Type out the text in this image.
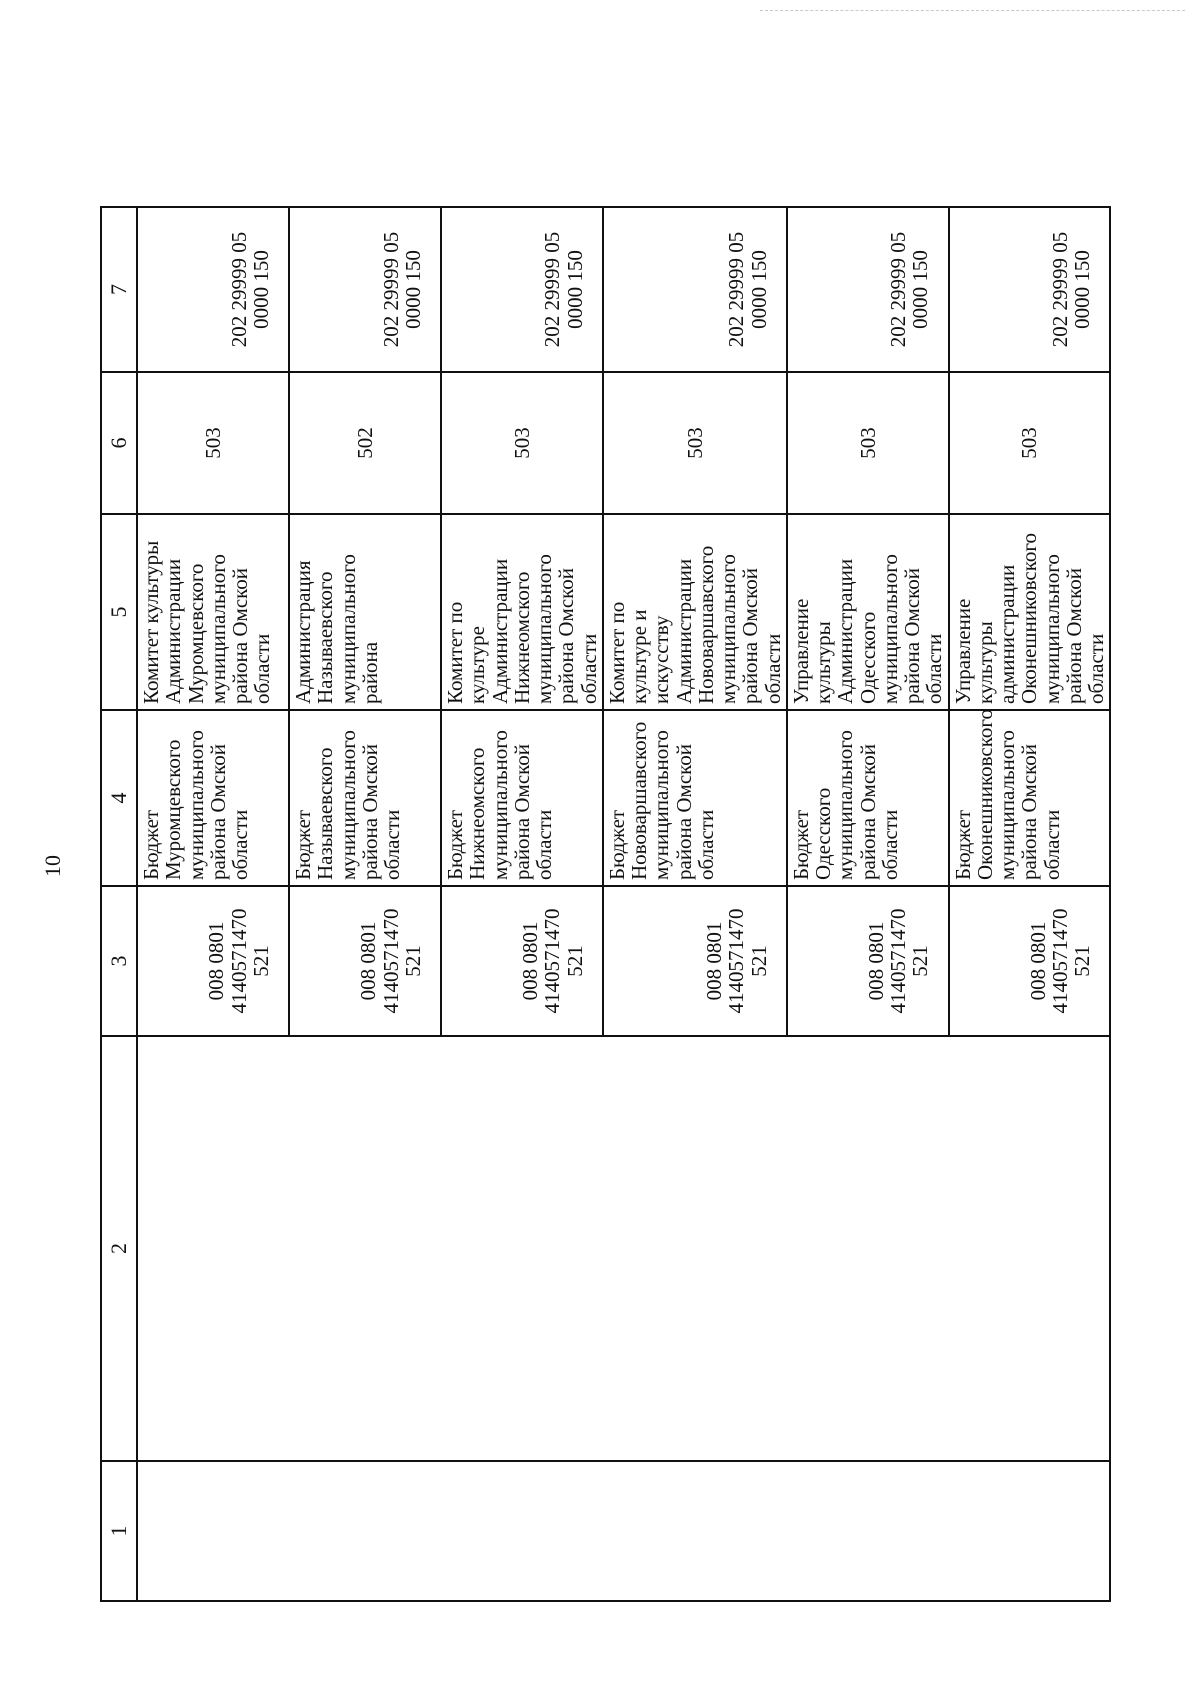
10
1	2	3	4	5	6	7
		008 0801 4140571470 521	Бюджет Муромцевского муниципального района Омской области	Комитет культуры Администрации Муромцевского муниципального района Омской области	503	202 29999 05 0000 150
		008 0801 4140571470 521	Бюджет Называевского муниципального района Омской области	Администрация Называевского муниципального района	502	202 29999 05 0000 150
		008 0801 4140571470 521	Бюджет Нижнеомского муниципального района Омской области	Комитет по культуре Администрации Нижнеомского муниципального района Омской области	503	202 29999 05 0000 150
		008 0801 4140571470 521	Бюджет Нововаршавского муниципального района Омской области	Комитет по культуре и искусству Администрации Нововаршавского муниципального района Омской области	503	202 29999 05 0000 150
		008 0801 4140571470 521	Бюджет Одесского муниципального района Омской области	Управление культуры Администрации Одесского муниципального района Омской области	503	202 29999 05 0000 150
		008 0801 4140571470 521	Бюджет Оконешниковского муниципального района Омской области	Управление культуры администрации Оконешниковского муниципального района Омской области	503	202 29999 05 0000 150
